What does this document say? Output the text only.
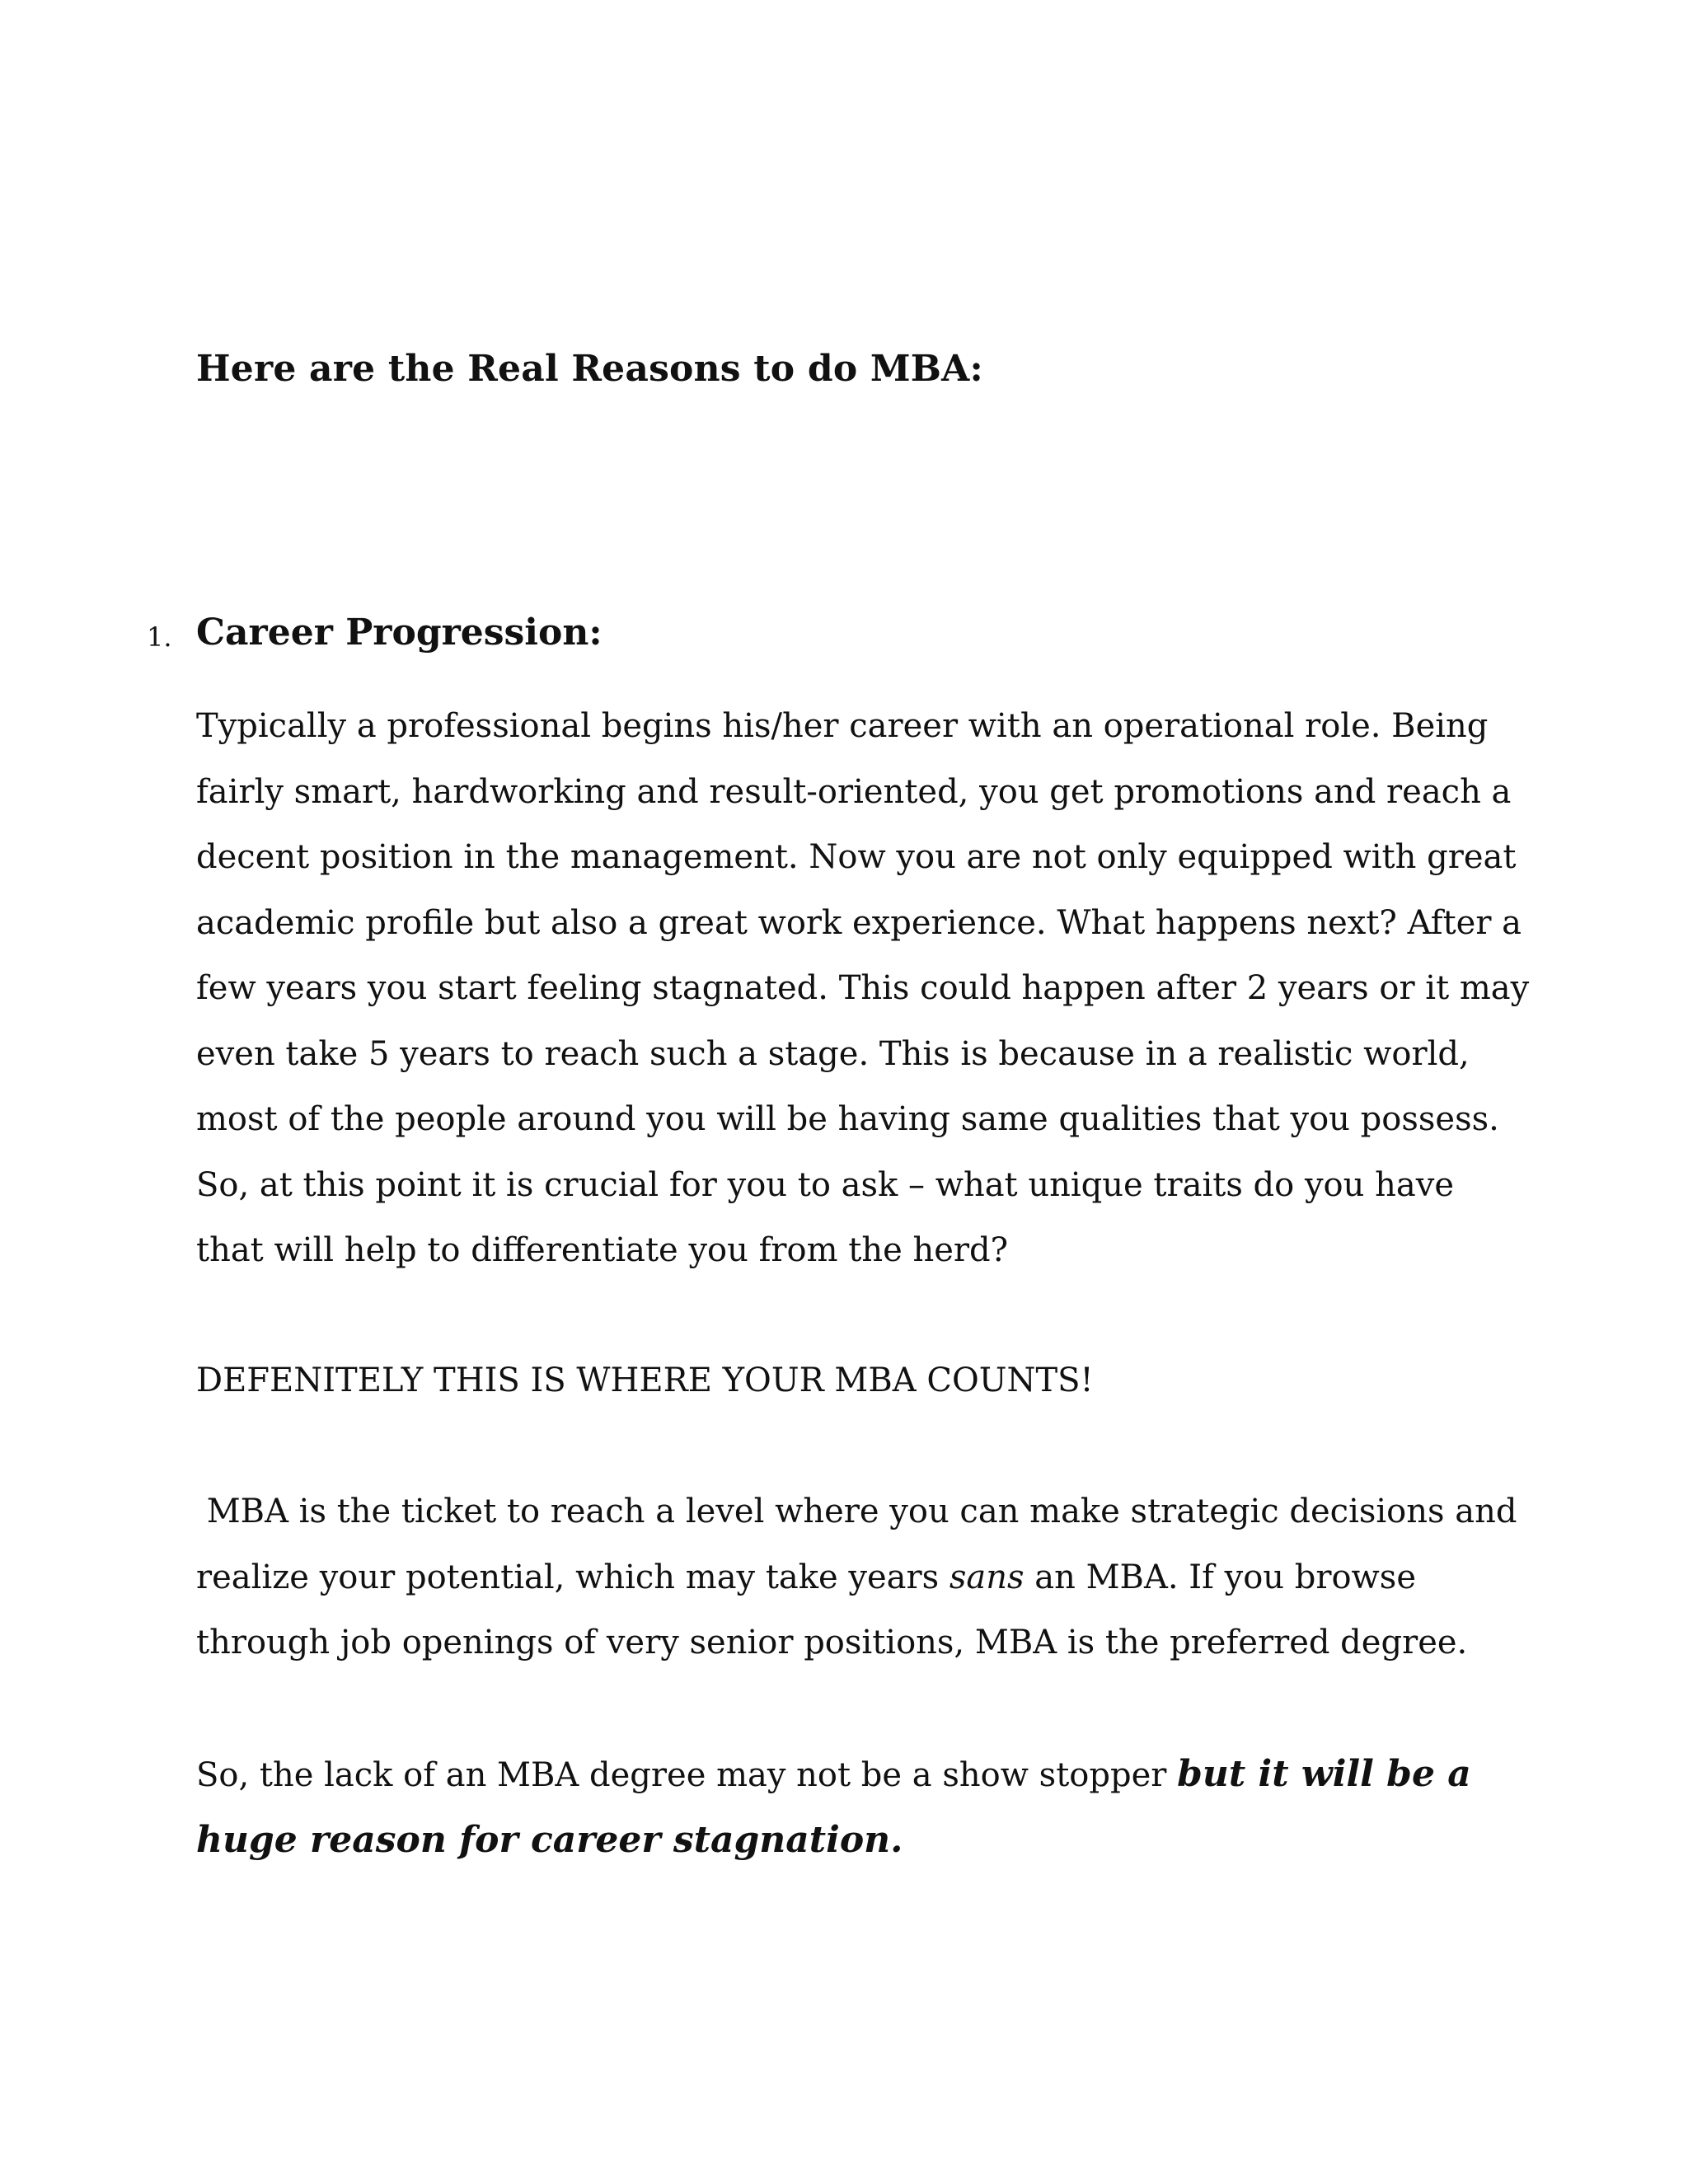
Here are the Real Reasons to do MBA:
1. Career Progression:
Typically a professional begins his/her career with an operational role. Being
fairly smart, hardworking and result-oriented, you get promotions and reach a
decent position in the management. Now you are not only equipped with great
academic profile but also a great work experience. What happens next? After a
few years you start feeling stagnated. This could happen after 2 years or it may
even take 5 years to reach such a stage. This is because in a realistic world,
most of the people around you will be having same qualities that you possess.
So, at this point it is crucial for you to ask – what unique traits do you have
that will help to differentiate you from the herd?
DEFENITELY THIS IS WHERE YOUR MBA COUNTS!
MBA is the ticket to reach a level where you can make strategic decisions and
realize your potential, which may take years sans an MBA. If you browse
through job openings of very senior positions, MBA is the preferred degree.
So, the lack of an MBA degree may not be a show stopper but it will be a
huge reason for career stagnation.
